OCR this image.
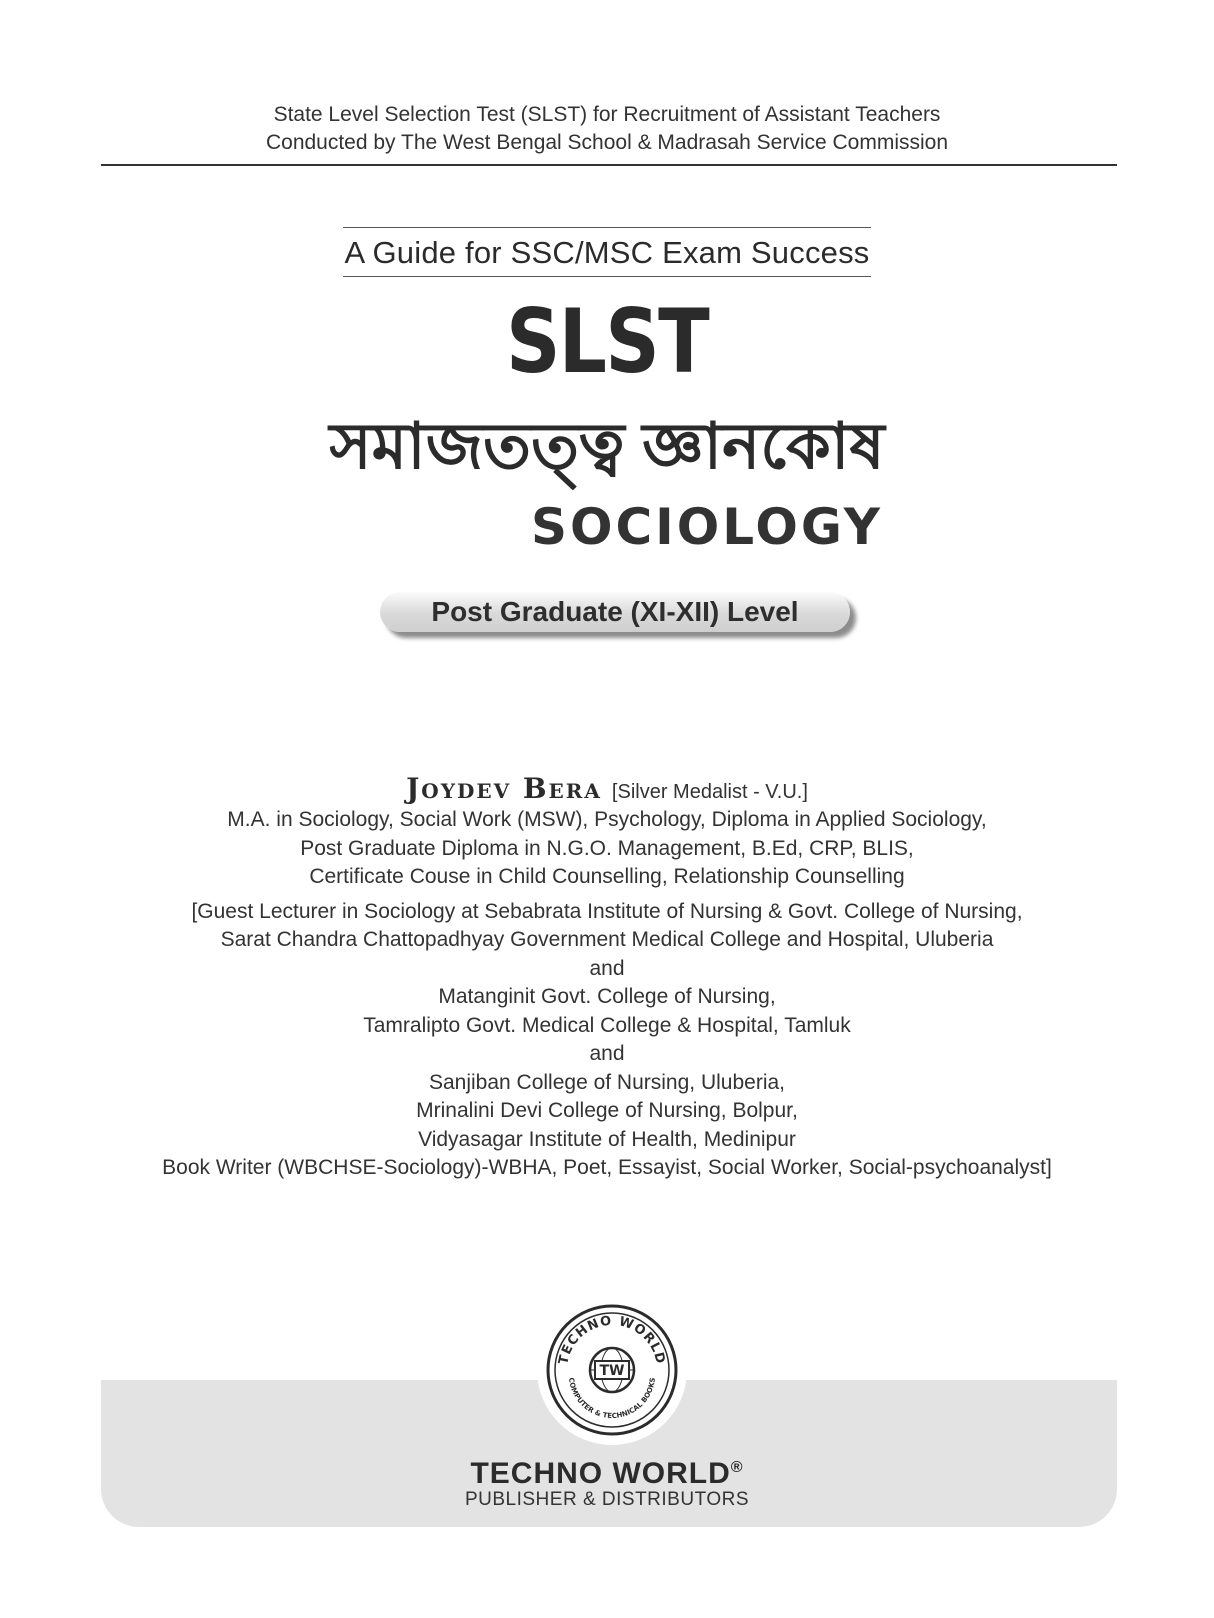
State Level Selection Test (SLST) for Recruitment of Assistant Teachers
Conducted by The West Bengal School & Madrasah Service Commission
A Guide for SSC/MSC Exam Success
SLST
সমাজতত্ত্ব জ্ঞানকোষ
SOCIOLOGY
Post Graduate (XI-XII) Level
Joydev Bera [Silver Medalist - V.U.]
M.A. in Sociology, Social Work (MSW), Psychology, Diploma in Applied Sociology,
Post Graduate Diploma in N.G.O. Management, B.Ed, CRP, BLIS,
Certificate Couse in Child Counselling, Relationship Counselling
[Guest Lecturer in Sociology at Sebabrata Institute of Nursing & Govt. College of Nursing,
Sarat Chandra Chattopadhyay Government Medical College and Hospital, Uluberia
and
Matanginit Govt. College of Nursing,
Tamralipto Govt. Medical College & Hospital, Tamluk
and
Sanjiban College of Nursing, Uluberia,
Mrinalini Devi College of Nursing, Bolpur,
Vidyasagar Institute of Health, Medinipur
Book Writer (WBCHSE-Sociology)-WBHA, Poet, Essayist, Social Worker, Social-psychoanalyst]
TECHNO WORLD
COMPUTER & TECHNICAL BOOKS
TW
TECHNO WORLD®
PUBLISHER & DISTRIBUTORS
